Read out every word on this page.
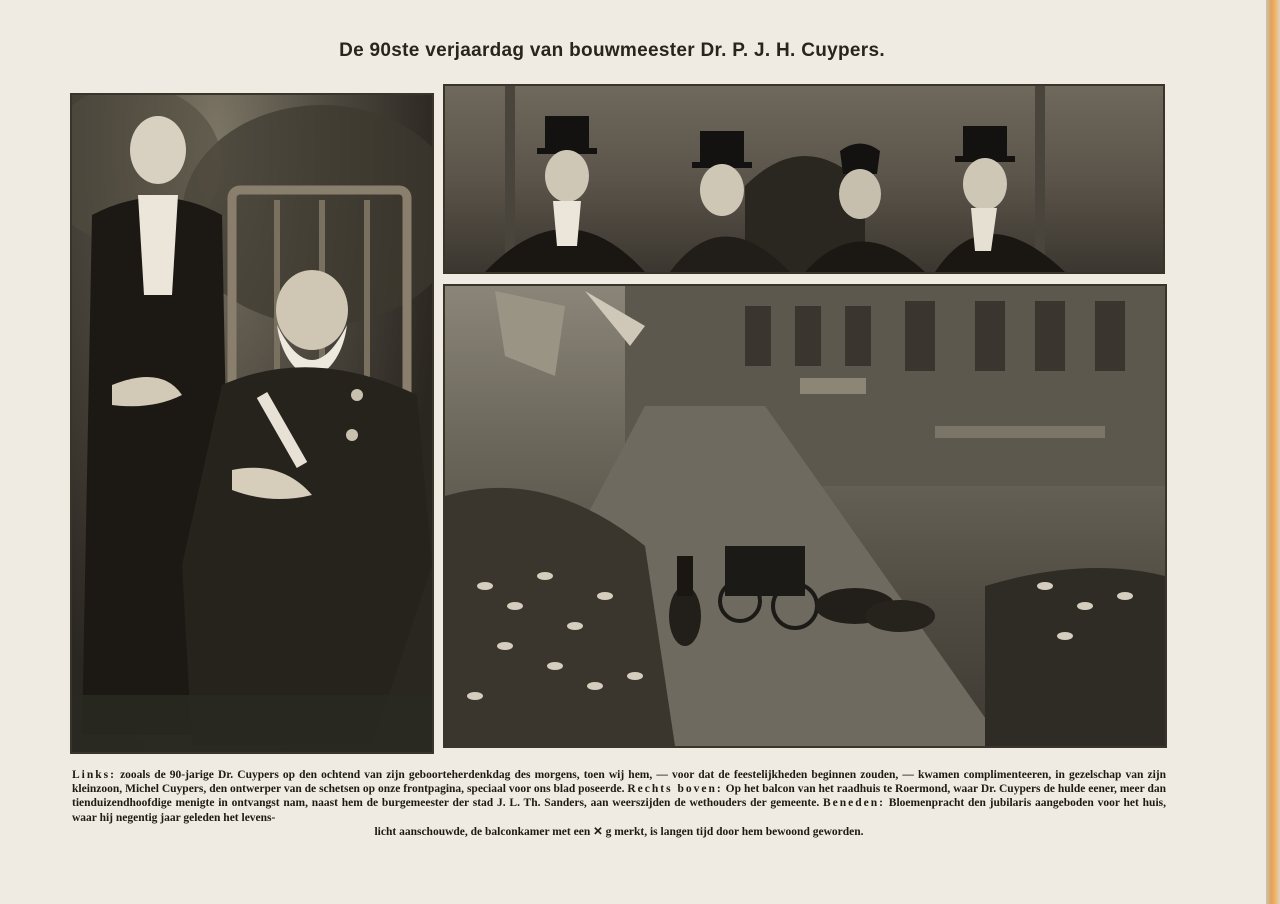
De 90ste verjaardag van bouwmeester Dr. P. J. H. Cuypers.
Links: zooals de 90-jarige Dr. Cuypers op den ochtend van zijn geboorteherdenkdag des morgens, toen wij hem, — voor dat de feestelijkheden beginnen zouden, — kwamen complimenteeren, in gezelschap van zijn kleinzoon, Michel Cuypers, den ontwerper van de schetsen op onze frontpagina, speciaal voor ons blad poseerde. Rechts boven: Op het balcon van het raadhuis te Roermond, waar Dr. Cuypers de hulde eener, meer dan tienduizendhoofdige menigte in ontvangst nam, naast hem de burgemeester der stad J. L. Th. Sanders, aan weerszijden de wethouders der gemeente. Beneden: Bloemenpracht den jubilaris aangeboden voor het huis, waar hij negentig jaar geleden het levens-
licht aanschouwde, de balconkamer met een ✕ g merkt, is langen tijd door hem bewoond geworden.
